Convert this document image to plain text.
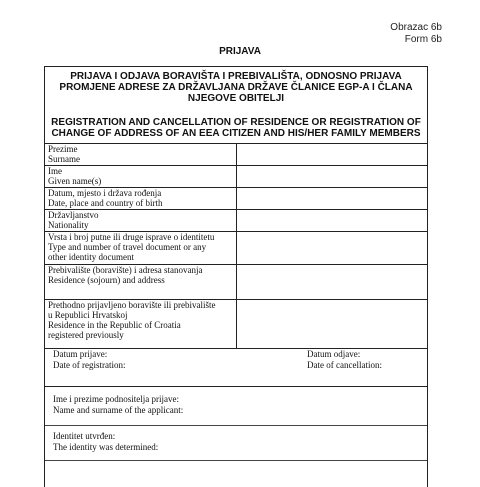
Obrazac 6b
Form 6b
PRIJAVA
PRIJAVA I ODJAVA BORAVIŠTA I PREBIVALIŠTA, ODNOSNO PRIJAVA
PROMJENE ADRESE ZA DRŽAVLJANA DRŽAVE ČLANICE EGP-A I ČLANA
NJEGOVE OBITELJI
REGISTRATION AND CANCELLATION OF RESIDENCE OR REGISTRATION OF
CHANGE OF ADDRESS OF AN EEA CITIZEN AND HIS/HER FAMILY MEMBERS
Prezime
Surname	

Ime
Given name(s)	

Datum, mjesto i država rođenja
Date, place and country of birth	

Državljanstvo
Nationality	

Vrsta i broj putne ili druge isprave o identitetu
Type and number of travel document or any
other identity document	

Prebivalište (boravište) i adresa stanovanja
Residence (sojourn) and address	

Prethodno prijavljeno boravište ili prebivalište
u Republici Hrvatskoj
Residence in the Republic of Croatia
registered previously	

Datum prijave:
Date of registration:
Datum odjave:
Date of cancellation:
Ime i prezime podnositelja prijave:
Name and surname of the applicant:
Identitet utvrđen:
The identity was determined:
